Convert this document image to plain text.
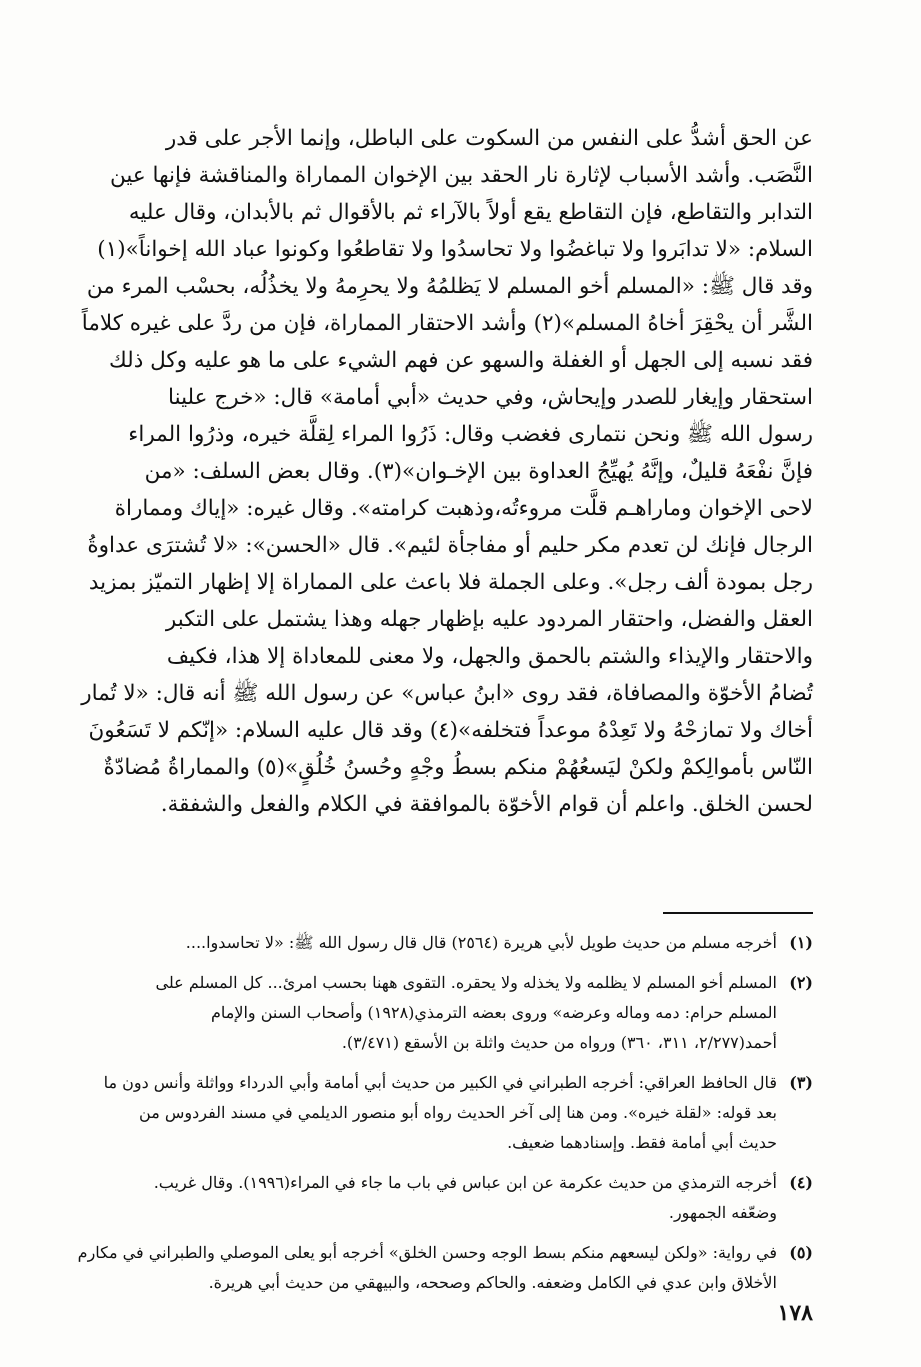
عن الحق أشدُّ على النفس من السكوت على الباطل، وإنما الأجر على قدر
النَّصَب. وأشد الأسباب لإثارة نار الحقد بين الإخوان المماراة والمناقشة فإنها عين
التدابر والتقاطع، فإن التقاطع يقع أولاً بالآراء ثم بالأقوال ثم بالأبدان، وقال عليه
السلام: «لا تدابَروا ولا تباغضُوا ولا تحاسدُوا ولا تقاطعُوا وكونوا عباد الله إخواناً»(١)
وقد قال ﷺ: «المسلم أخو المسلم لا يَظلمُهُ ولا يحرِمهُ ولا يخذُلُه، بحسْب المرء من
الشَّر أن يحْقِرَ أخاهُ المسلم»(٢) وأشد الاحتقار المماراة، فإن من ردَّ على غيره كلاماً
فقد نسبه إلى الجهل أو الغفلة والسهو عن فهم الشيء على ما هو عليه وكل ذلك
استحقار وإيغار للصدر وإيحاش، وفي حديث «أبي أمامة» قال: «خرج علينا
رسول الله ﷺ ونحن نتمارى فغضب وقال: ذَرُوا المراء لِقلَّة خيره، وذرُوا المراء
فإنَّ نفْعَهُ قليلٌ، وإنَّهُ يُهيِّجُ العداوة بين الإخـوان»(٣). وقال بعض السلف: «من
لاحى الإخوان وماراهـم قلَّت مروءتُه،وذهبت كرامته». وقال غيره: «إياك ومماراة
الرجال فإنك لن تعدم مكر حليم أو مفاجأة لئيم». قال «الحسن»: «لا تُشترَى عداوةُ
رجل بمودة ألف رجل». وعلى الجملة فلا باعث على المماراة إلا إظهار التميّز بمزيد
العقل والفضل، واحتقار المردود عليه بإظهار جهله وهذا يشتمل على التكبر
والاحتقار والإيذاء والشتم بالحمق والجهل، ولا معنى للمعاداة إلا هذا، فكيف
تُضامُ الأخوّة والمصافاة، فقد روى «ابنُ عباس» عن رسول الله ﷺ أنه قال: «لا تُمار
أخاك ولا تمازحْهُ ولا تَعِدْهُ موعداً فتخلفه»(٤) وقد قال عليه السلام: «إنّكم لا تَسَعُونَ
النّاس بأموالِكمْ ولكنْ ليَسعُهُمْ منكم بسطُ وجْهٍ وحُسنُ خُلُقٍ»(٥) والمماراةُ مُضادّةٌ
لحسن الخلق. واعلم أن قوام الأخوّة بالموافقة في الكلام والفعل والشفقة.
(١)أخرجه مسلم من حديث طويل لأبي هريرة (٢٥٦٤) قال قال رسول الله ﷺ: «لا تحاسدوا....
(٢)المسلم أخو المسلم لا يظلمه ولا يخذله ولا يحقره. التقوى ههنا بحسب امرئ... كل المسلم على
المسلم حرام: دمه وماله وعرضه» وروى بعضه الترمذي(١٩٢٨) وأصحاب السنن والإمام
أحمد(٢/٢٧٧، ٣١١، ٣٦٠) ورواه من حديث واثلة بن الأسقع (٣/٤٧١).
(٣)قال الحافظ العراقي: أخرجه الطبراني في الكبير من حديث أبي أمامة وأبي الدرداء وواثلة وأنس دون ما
بعد قوله: «لقلة خيره». ومن هنا إلى آخر الحديث رواه أبو منصور الديلمي في مسند الفردوس من
حديث أبي أمامة فقط. وإسنادهما ضعيف.
(٤)أخرجه الترمذي من حديث عكرمة عن ابن عباس في باب ما جاء في المراء(١٩٩٦). وقال غريب.
وضعّفه الجمهور.
(٥)في رواية: «ولكن ليسعهم منكم بسط الوجه وحسن الخلق» أخرجه أبو يعلى الموصلي والطبراني في مكارم
الأخلاق وابن عدي في الكامل وضعفه. والحاكم وصححه، والبيهقي من حديث أبي هريرة.
١٧٨
